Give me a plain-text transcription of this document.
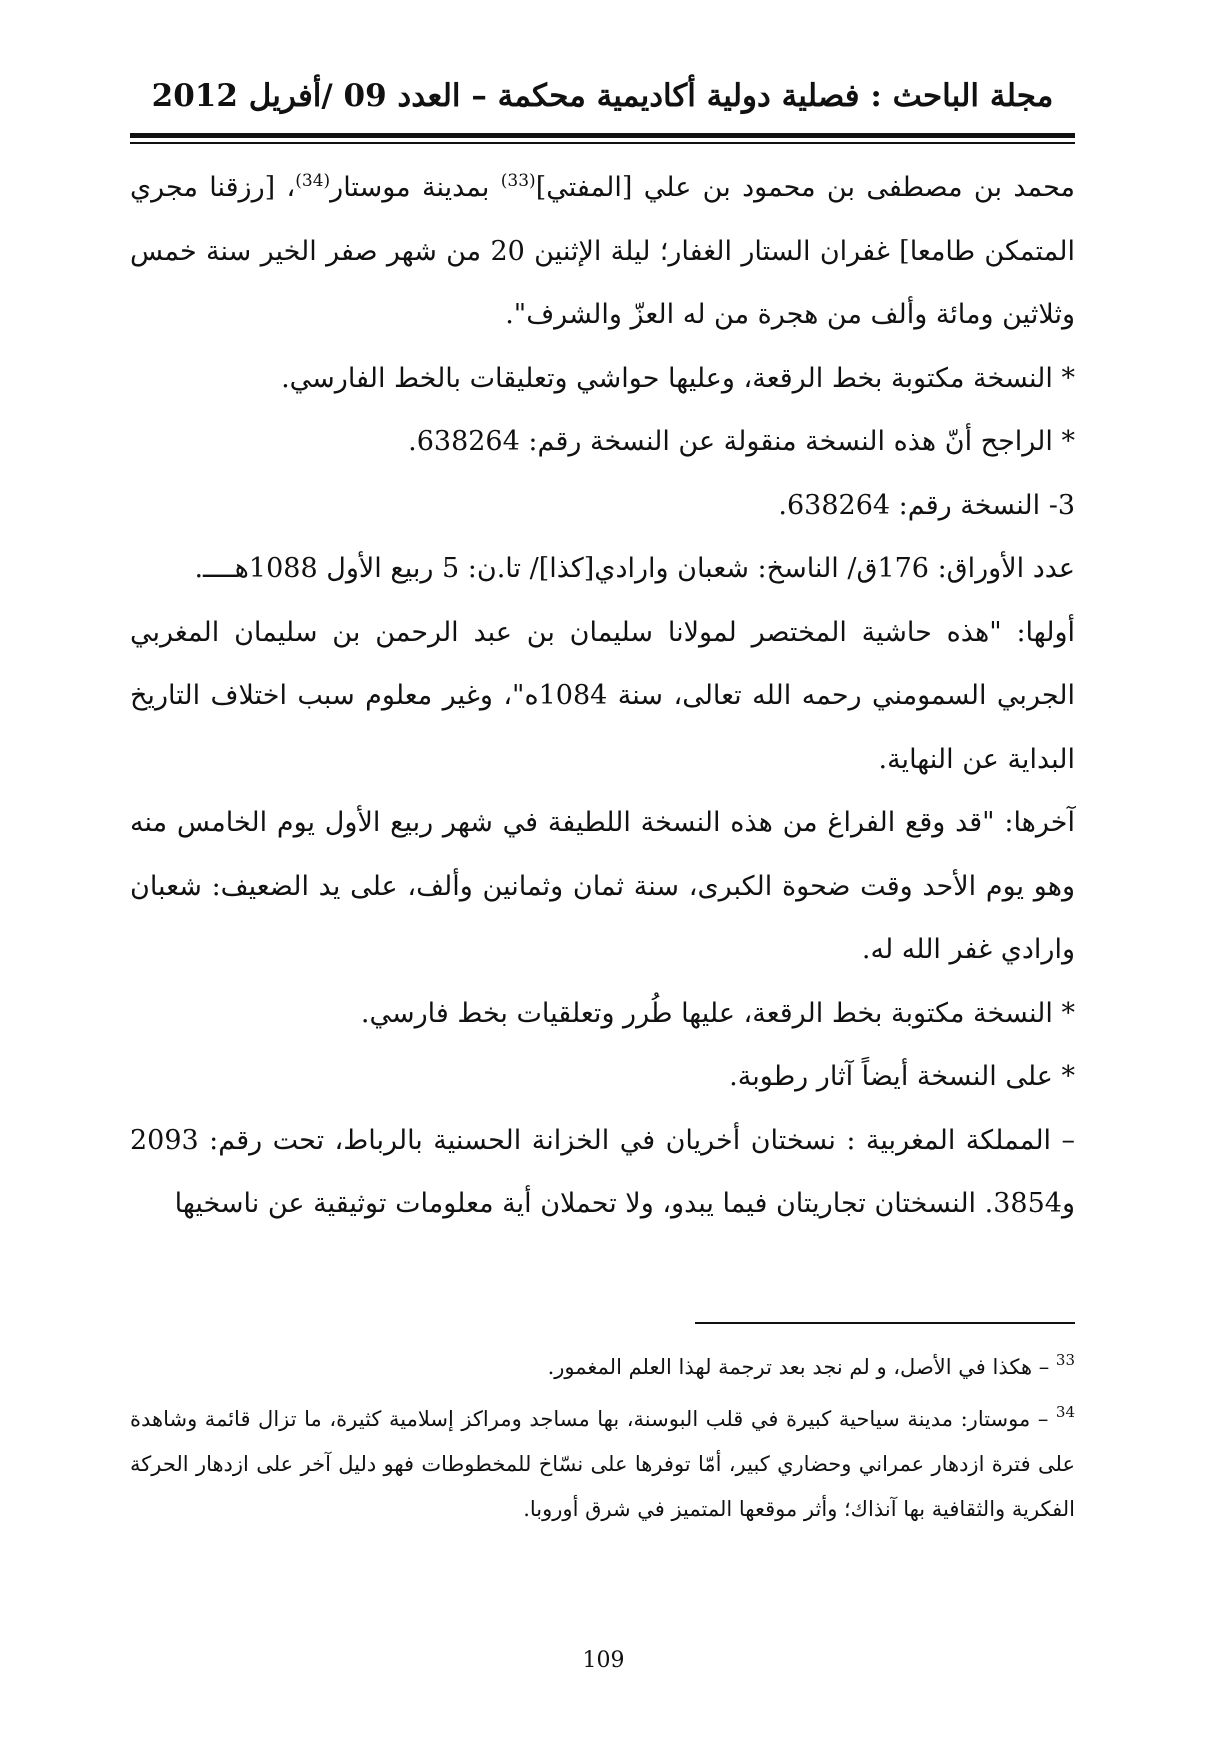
مجلة الباحث : فصلية دولية أكاديمية محكمة – العدد 09 /أفريل 2012

محمد بن مصطفى بن محمود بن علي [المفتي]$^{(33)}$ بمدينة موستار$^{(34)}$، [رزقنا مجري المتمكن طامعا] غفران الستار الغفار؛ ليلة الإثنين 20 من شهر صفر الخير سنة خمس وثلاثين ومائة وألف من هجرة من له العزّ والشرف".

* النسخة مكتوبة بخط الرقعة، وعليها حواشي وتعليقات بالخط الفارسي.

* الراجح أنّ هذه النسخة منقولة عن النسخة رقم: 638264.

3- النسخة رقم: 638264.

عدد الأوراق: 176ق/ الناسخ: شعبان وارادي[كذا]/ تا.ن: 5 ربيع الأول 1088هــــ.

أولها: "هذه حاشية المختصر لمولانا سليمان بن عبد الرحمن بن سليمان المغربي الجربي السمومني رحمه الله تعالى، سنة 1084ه"، وغير معلوم سبب اختلاف التاريخ البداية عن النهاية.

آخرها: "قد وقع الفراغ من هذه النسخة اللطيفة في شهر ربيع الأول يوم الخامس منه وهو يوم الأحد وقت ضحوة الكبرى، سنة ثمان وثمانين وألف، على يد الضعيف: شعبان وارادي غفر الله له.

* النسخة مكتوبة بخط الرقعة، عليها طُرر وتعلقيات بخط فارسي.

* على النسخة أيضاً آثار رطوبة.

– المملكة المغربية : نسختان أخريان في الخزانة الحسنية بالرباط، تحت رقم: 2093 و3854. النسختان تجاريتان فيما يبدو، ولا تحملان أية معلومات توثيقية عن ناسخيها

$^{33}$ – هكذا في الأصل، و لم نجد بعد ترجمة لهذا العلم المغمور.

$^{34}$ – موستار: مدينة سياحية كبيرة في قلب البوسنة، بها مساجد ومراكز إسلامية كثيرة، ما تزال قائمة وشاهدة على فترة ازدهار عمراني وحضاري كبير، أمّا توفرها على نسّاخ للمخطوطات فهو دليل آخر على ازدهار الحركة الفكرية والثقافية بها آنذاك؛ وأثر موقعها المتميز في شرق أوروبا.

109
